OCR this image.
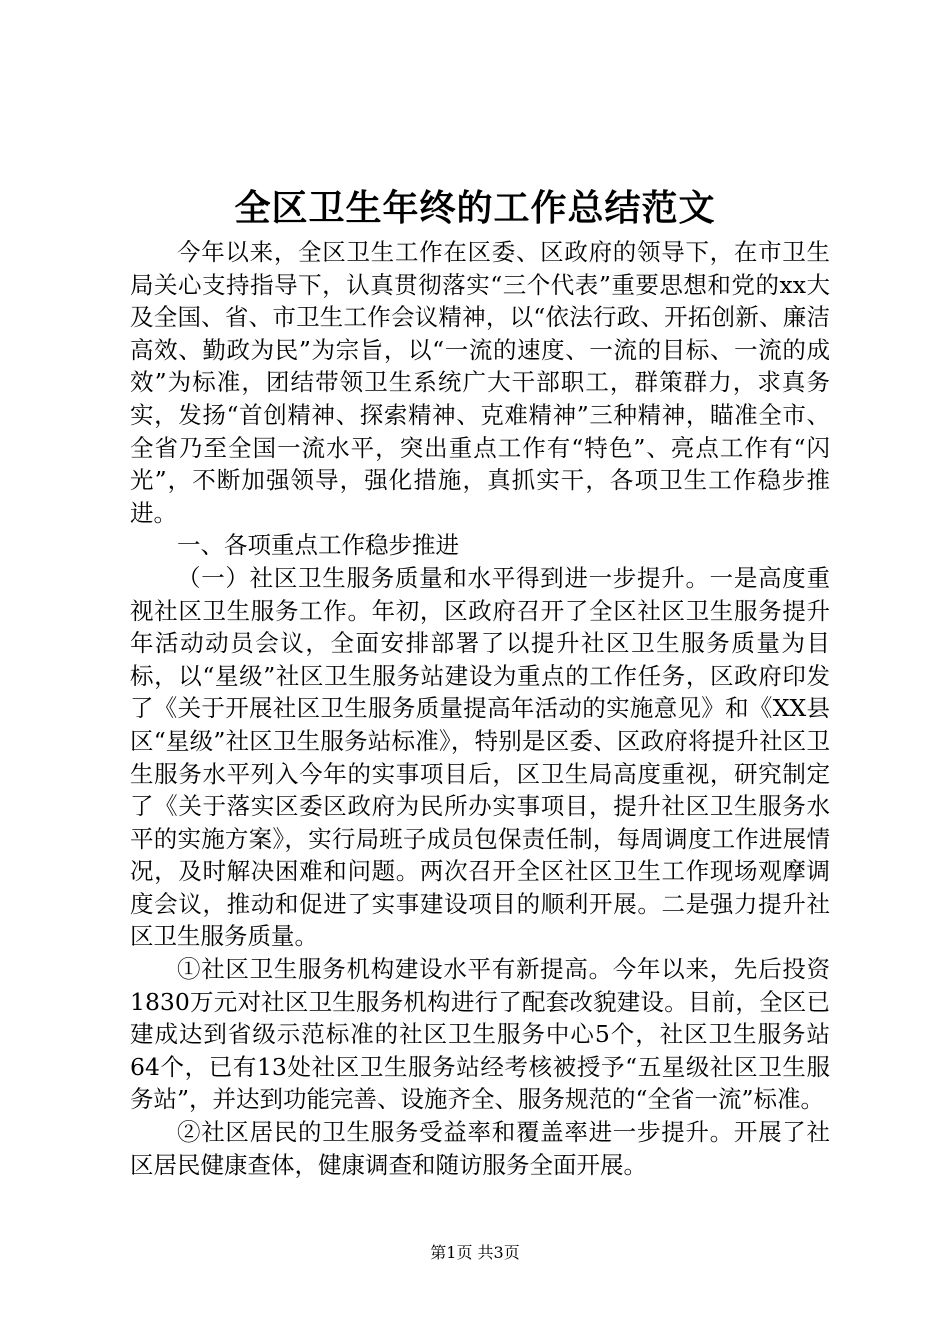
全区卫生年终的工作总结范文

今年以来，全区卫生工作在区委、区政府的领导下，在市卫生局关心支持指导下，认真贯彻落实“三个代表”重要思想和党的xx大及全国、省、市卫生工作会议精神，以“依法行政、开拓创新、廉洁高效、勤政为民”为宗旨，以“一流的速度、一流的目标、一流的成效”为标准，团结带领卫生系统广大干部职工，群策群力，求真务实，发扬“首创精神、探索精神、克难精神”三种精神，瞄准全市、全省乃至全国一流水平，突出重点工作有“特色”、亮点工作有“闪光”，不断加强领导，强化措施，真抓实干，各项卫生工作稳步推进。

一、各项重点工作稳步推进

（一）社区卫生服务质量和水平得到进一步提升。一是高度重视社区卫生服务工作。年初，区政府召开了全区社区卫生服务提升年活动动员会议，全面安排部署了以提升社区卫生服务质量为目标，以“星级”社区卫生服务站建设为重点的工作任务，区政府印发了《关于开展社区卫生服务质量提高年活动的实施意见》和《XX县区“星级”社区卫生服务站标准》，特别是区委、区政府将提升社区卫生服务水平列入今年的实事项目后，区卫生局高度重视，研究制定了《关于落实区委区政府为民所办实事项目，提升社区卫生服务水平的实施方案》，实行局班子成员包保责任制，每周调度工作进展情况，及时解决困难和问题。两次召开全区社区卫生工作现场观摩调度会议，推动和促进了实事建设项目的顺利开展。二是强力提升社区卫生服务质量。

①社区卫生服务机构建设水平有新提高。今年以来，先后投资1830万元对社区卫生服务机构进行了配套改貌建设。目前，全区已建成达到省级示范标准的社区卫生服务中心5个，社区卫生服务站64个，已有13处社区卫生服务站经考核被授予“五星级社区卫生服务站”，并达到功能完善、设施齐全、服务规范的“全省一流”标准。

②社区居民的卫生服务受益率和覆盖率进一步提升。开展了社区居民健康查体，健康调查和随访服务全面开展。

第1页 共3页
